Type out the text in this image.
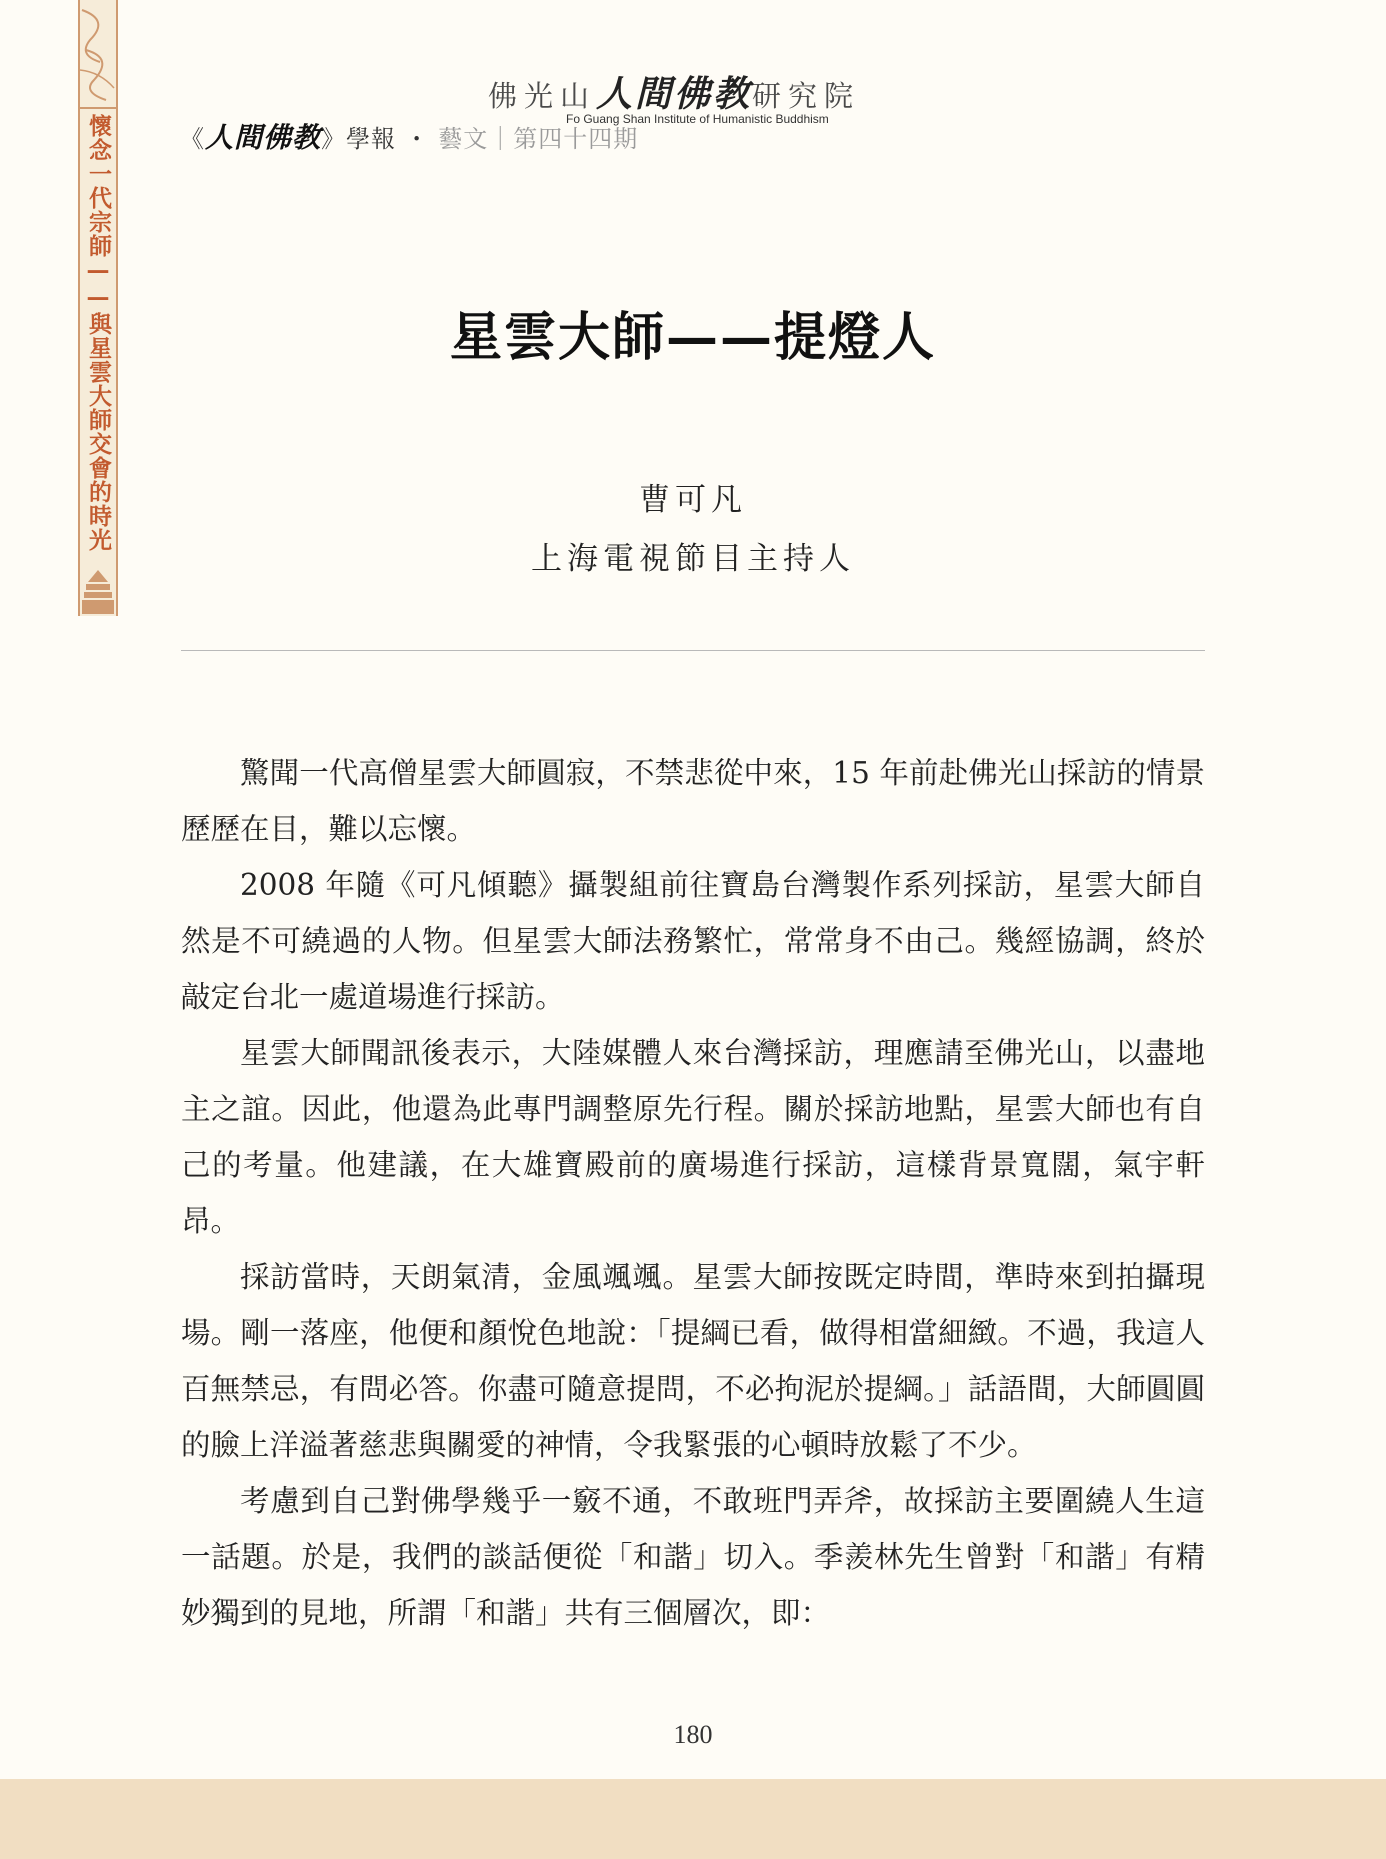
懷念一代宗師——與星雲大師交會的時光
佛光山人間佛教研究院
Fo Guang Shan Institute of Humanistic Buddhism
《人間佛教》學報 ・ 藝文｜第四十四期
星雲大師——提燈人
曹可凡
上海電視節目主持人

驚聞一代高僧星雲大師圓寂，不禁悲從中來，15 年前赴佛光山採訪的情景歷歷在目，難以忘懷。

2008 年隨《可凡傾聽》攝製組前往寶島台灣製作系列採訪，星雲大師自然是不可繞過的人物。但星雲大師法務繁忙，常常身不由己。幾經協調，終於敲定台北一處道場進行採訪。

星雲大師聞訊後表示，大陸媒體人來台灣採訪，理應請至佛光山，以盡地主之誼。因此，他還為此專門調整原先行程。關於採訪地點，星雲大師也有自己的考量。他建議，在大雄寶殿前的廣場進行採訪，這樣背景寬闊，氣宇軒昂。

採訪當時，天朗氣清，金風颯颯。星雲大師按既定時間，準時來到拍攝現場。剛一落座，他便和顏悅色地說：「提綱已看，做得相當細緻。不過，我這人百無禁忌，有問必答。你盡可隨意提問，不必拘泥於提綱。」話語間，大師圓圓的臉上洋溢著慈悲與關愛的神情，令我緊張的心頓時放鬆了不少。

考慮到自己對佛學幾乎一竅不通，不敢班門弄斧，故採訪主要圍繞人生這一話題。於是，我們的談話便從「和諧」切入。季羨林先生曾對「和諧」有精妙獨到的見地，所謂「和諧」共有三個層次，即：

180
